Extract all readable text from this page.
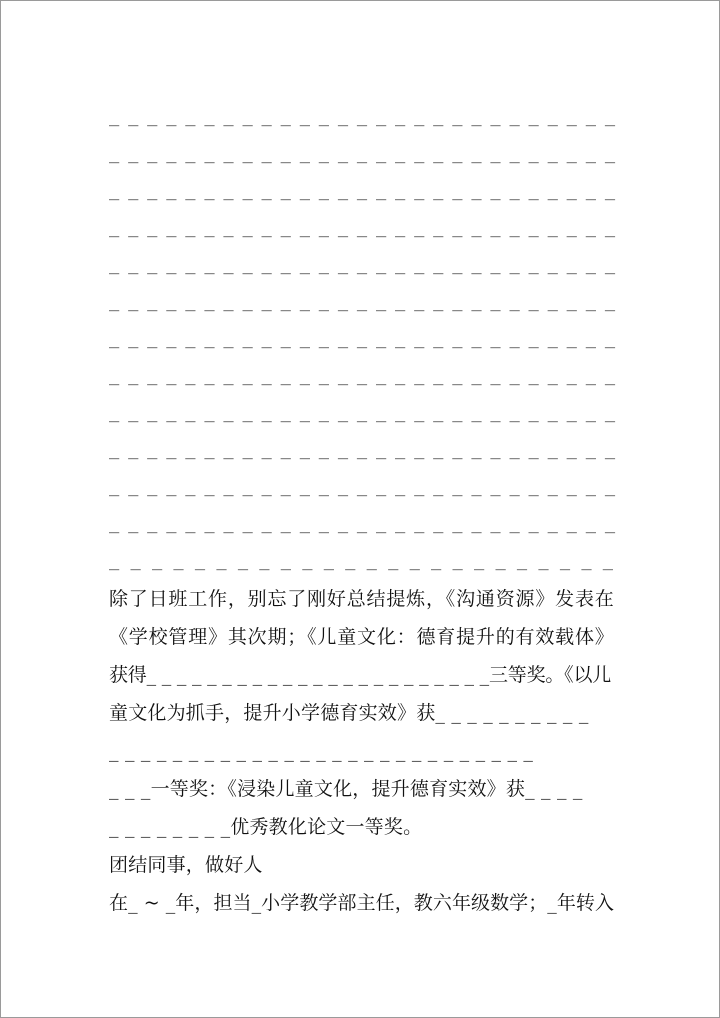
_ _ _ _ _ _ _ _ _ _ _ _ _ _ _ _ _ _ _ _ _ _ _ _ _ _ _
_ _ _ _ _ _ _ _ _ _ _ _ _ _ _ _ _ _ _ _ _ _ _ _ _ _ _
_ _ _ _ _ _ _ _ _ _ _ _ _ _ _ _ _ _ _ _ _ _ _ _ _ _ _
_ _ _ _ _ _ _ _ _ _ _ _ _ _ _ _ _ _ _ _ _ _ _ _ _ _ _
_ _ _ _ _ _ _ _ _ _ _ _ _ _ _ _ _ _ _ _ _ _ _ _ _ _ _
_ _ _ _ _ _ _ _ _ _ _ _ _ _ _ _ _ _ _ _ _ _ _ _ _ _ _
_ _ _ _ _ _ _ _ _ _ _ _ _ _ _ _ _ _ _ _ _ _ _ _ _ _ _
_ _ _ _ _ _ _ _ _ _ _ _ _ _ _ _ _ _ _ _ _ _ _ _ _ _ _
_ _ _ _ _ _ _ _ _ _ _ _ _ _ _ _ _ _ _ _ _ _ _ _ _ _ _
_ _ _ _ _ _ _ _ _ _ _ _ _ _ _ _ _ _ _ _ _ _ _ _ _ _ _
_ _ _ _ _ _ _ _ _ _ _ _ _ _ _ _ _ _ _ _ _ _ _ _ _ _ _
_ _ _ _ _ _ _ _ _ _ _ _ _ _ _ _ _ _ _ _ _ _ _ _ _ _ _
_ _ _ _ _ _ _ _ _ _ _ _ _ _ _ _ _ _ _ _ _ _ _ _
除了日班工作，别忘了刚好总结提炼，《沟通资源》发表在
《学校管理》其次期；《儿童文化：德育提升的有效载体》
获得_ _ _ _ _ _ _ _ _ _ _ _ _ _ _ _ _ _ _ _ _ _ _三等奖。《以儿
童文化为抓手，提升小学德育实效》获_ _ _ _ _ _ _ _ _ _
_ _ _ _ _ _ _ _ _ _ _ _ _ _ _ _ _ _ _ _ _ _ _ _ _ _ _
_ _ _一等奖：《浸染儿童文化，提升德育实效》获_ _ _ _
_ _ _ _ _ _ _ _优秀教化论文一等奖。
团结同事，做好人
在_ ~ _年，担当_小学教学部主任，教六年级数学；_年转入
